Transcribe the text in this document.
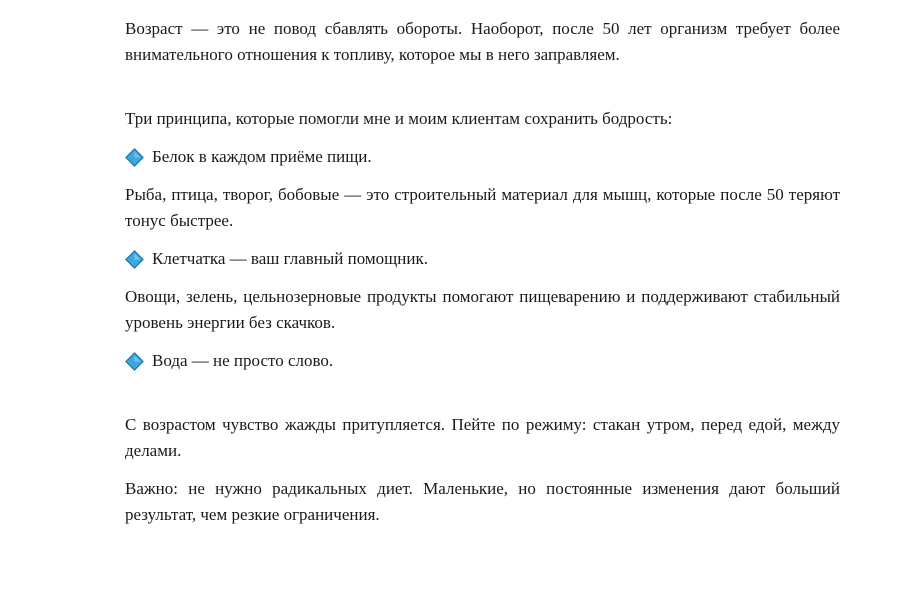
Возраст — это не повод сбавлять обороты. Наоборот, после 50 лет организм требует более внимательного отношения к топливу, которое мы в него заправляем.

Три принципа, которые помогли мне и моим клиентам сохранить бодрость:

Белок в каждом приёме пищи.

Рыба, птица, творог, бобовые — это строительный материал для мышц, которые после 50 теряют тонус быстрее.

Клетчатка — ваш главный помощник.

Овощи, зелень, цельнозерновые продукты помогают пищеварению и поддерживают стабильный уровень энергии без скачков.

Вода — не просто слово.

С возрастом чувство жажды притупляется. Пейте по режиму: стакан утром, перед едой, между делами.

Важно: не нужно радикальных диет. Маленькие, но постоянные изменения дают больший результат, чем резкие ограничения.
